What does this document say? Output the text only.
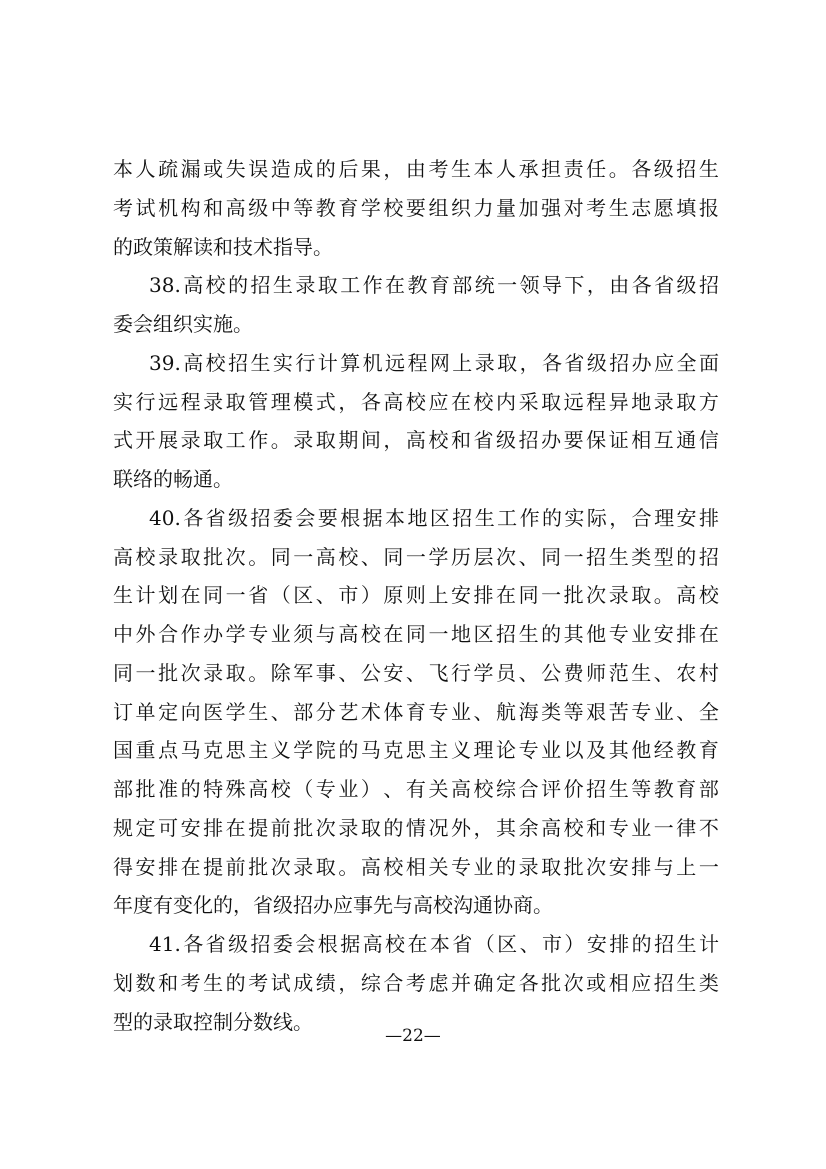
本 人 疏 漏 或 失 误 造 成 的 后 果 ， 由 考 生 本 人 承 担 责 任 。 各 级 招 生
考 试 机 构 和 高 级 中 等 教 育 学 校 要 组 织 力 量 加 强 对 考 生 志 愿 填 报
的政策解读和技术指导。
38. 高 校 的 招 生 录 取 工 作 在 教 育 部 统 一 领 导 下 ， 由 各 省 级 招
委会组织实施。
39. 高 校 招 生 实 行 计 算 机 远 程 网 上 录 取 ， 各 省 级 招 办 应 全 面
实 行 远 程 录 取 管 理 模 式 ， 各 高 校 应 在 校 内 采 取 远 程 异 地 录 取 方
式 开 展 录 取 工 作 。 录 取 期 间 ， 高 校 和 省 级 招 办 要 保 证 相 互 通 信
联络的畅通。
40. 各 省 级 招 委 会 要 根 据 本 地 区 招 生 工 作 的 实 际 ， 合 理 安 排
高 校 录 取 批 次 。 同 一 高 校 、 同 一 学 历 层 次 、 同 一 招 生 类 型 的 招
生 计 划 在 同 一 省 （ 区 、 市 ） 原 则 上 安 排 在 同 一 批 次 录 取 。 高 校
中 外 合 作 办 学 专 业 须 与 高 校 在 同 一 地 区 招 生 的 其 他 专 业 安 排 在
同 一 批 次 录 取 。 除 军 事 、 公 安 、 飞 行 学 员 、 公 费 师 范 生 、 农 村
订 单 定 向 医 学 生 、 部 分 艺 术 体 育 专 业 、 航 海 类 等 艰 苦 专 业 、 全
国 重 点 马 克 思 主 义 学 院 的 马 克 思 主 义 理 论 专 业 以 及 其 他 经 教 育
部 批 准 的 特 殊 高 校 （ 专 业 ） 、 有 关 高 校 综 合 评 价 招 生 等 教 育 部
规 定 可 安 排 在 提 前 批 次 录 取 的 情 况 外 ， 其 余 高 校 和 专 业 一 律 不
得 安 排 在 提 前 批 次 录 取 。 高 校 相 关 专 业 的 录 取 批 次 安 排 与 上 一
年度有变化的，省级招办应事先与高校沟通协商。
41. 各 省 级 招 委 会 根 据 高 校 在 本 省 （ 区 、 市 ） 安 排 的 招 生 计
划 数 和 考 生 的 考 试 成 绩 ， 综 合 考 虑 并 确 定 各 批 次 或 相 应 招 生 类
型的录取控制分数线。
—22—
